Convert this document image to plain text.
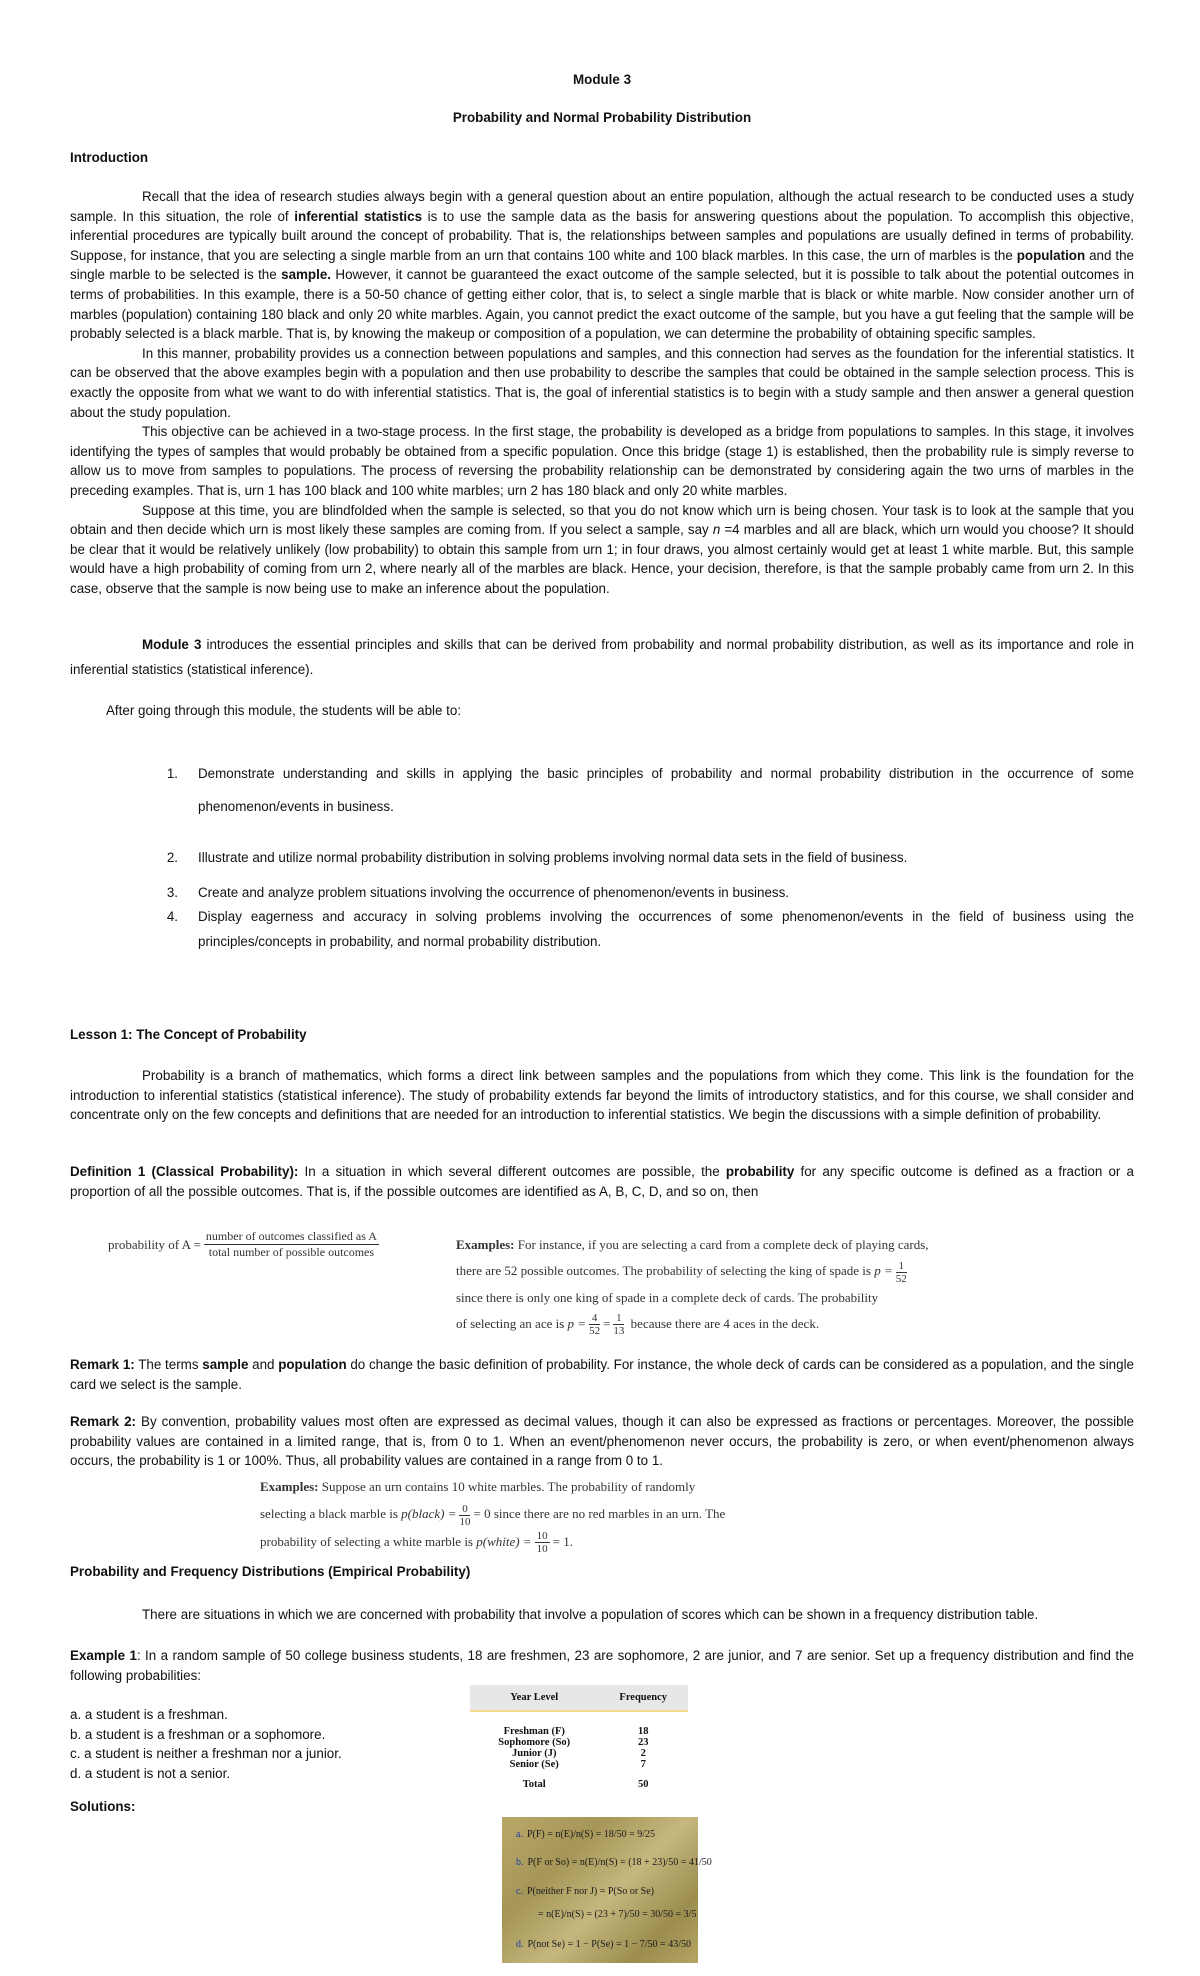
Module 3
Probability and Normal Probability Distribution
Introduction

Recall that the idea of research studies always begin with a general question about an entire population, although the actual research to be conducted uses a study sample. In this situation, the role of inferential statistics is to use the sample data as the basis for answering questions about the population. To accomplish this objective, inferential procedures are typically built around the concept of probability. That is, the relationships between samples and populations are usually defined in terms of probability. Suppose, for instance, that you are selecting a single marble from an urn that contains 100 white and 100 black marbles. In this case, the urn of marbles is the population and the single marble to be selected is the sample. However, it cannot be guaranteed the exact outcome of the sample selected, but it is possible to talk about the potential outcomes in terms of probabilities. In this example, there is a 50-50 chance of getting either color, that is, to select a single marble that is black or white marble. Now consider another urn of marbles (population) containing 180 black and only 20 white marbles. Again, you cannot predict the exact outcome of the sample, but you have a gut feeling that the sample will be probably selected is a black marble. That is, by knowing the makeup or composition of a population, we can determine the probability of obtaining specific samples.

In this manner, probability provides us a connection between populations and samples, and this connection had serves as the foundation for the inferential statistics. It can be observed that the above examples begin with a population and then use probability to describe the samples that could be obtained in the sample selection process. This is exactly the opposite from what we want to do with inferential statistics. That is, the goal of inferential statistics is to begin with a study sample and then answer a general question about the study population.

This objective can be achieved in a two-stage process. In the first stage, the probability is developed as a bridge from populations to samples. In this stage, it involves identifying the types of samples that would probably be obtained from a specific population. Once this bridge (stage 1) is established, then the probability rule is simply reverse to allow us to move from samples to populations. The process of reversing the probability relationship can be demonstrated by considering again the two urns of marbles in the preceding examples. That is, urn 1 has 100 black and 100 white marbles; urn 2 has 180 black and only 20 white marbles.

Suppose at this time, you are blindfolded when the sample is selected, so that you do not know which urn is being chosen. Your task is to look at the sample that you obtain and then decide which urn is most likely these samples are coming from. If you select a sample, say n =4 marbles and all are black, which urn would you choose? It should be clear that it would be relatively unlikely (low probability) to obtain this sample from urn 1; in four draws, you almost certainly would get at least 1 white marble. But, this sample would have a high probability of coming from urn 2, where nearly all of the marbles are black. Hence, your decision, therefore, is that the sample probably came from urn 2. In this case, observe that the sample is now being use to make an inference about the population.

Module 3 introduces the essential principles and skills that can be derived from probability and normal probability distribution, as well as its importance and role in inferential statistics (statistical inference).

After going through this module, the students will be able to:
1.	Demonstrate understanding and skills in applying the basic principles of probability and normal probability distribution in the occurrence of some phenomenon/events in business.
2.	Illustrate and utilize normal probability distribution in solving problems involving normal data sets in the field of business.
3.	Create and analyze problem situations involving the occurrence of phenomenon/events in business.
4.	Display eagerness and accuracy in solving problems involving the occurrences of some phenomenon/events in the field of business using the principles/concepts in probability, and normal probability distribution.
Lesson 1: The Concept of Probability

Probability is a branch of mathematics, which forms a direct link between samples and the populations from which they come. This link is the foundation for the introduction to inferential statistics (statistical inference). The study of probability extends far beyond the limits of introductory statistics, and for this course, we shall consider and concentrate only on the few concepts and definitions that are needed for an introduction to inferential statistics. We begin the discussions with a simple definition of probability.

Definition 1 (Classical Probability): In a situation in which several different outcomes are possible, the probability for any specific outcome is defined as a fraction or a proportion of all the possible outcomes. That is, if the possible outcomes are identified as A, B, C, D, and so on, then

probability of $A = \frac{\text{number of outcomes classified as A}}{\text{total number of possible outcomes}}$	Examples: For instance, if you are selecting a card from a complete deck of playing cards,
there are 52 possible outcomes. The probability of selecting the king of spade is $p = \frac{1}{52}$
since there is only one king of spade in a complete deck of cards. The probability
of selecting an ace is $p = \frac{4}{52} = \frac{1}{13}$ because there are 4 aces in the deck.

Remark 1: The terms sample and population do change the basic definition of probability. For instance, the whole deck of cards can be considered as a population, and the single card we select is the sample.

Remark 2: By convention, probability values most often are expressed as decimal values, though it can also be expressed as fractions or percentages. Moreover, the possible probability values are contained in a limited range, that is, from 0 to 1. When an event/phenomenon never occurs, the probability is zero, or when event/phenomenon always occurs, the probability is 1 or 100%. Thus, all probability values are contained in a range from 0 to 1.

Examples: Suppose an urn contains 10 white marbles. The probability of randomly
selecting a black marble is p(black) = $\frac{0}{10} = 0$ since there are no red marbles in an urn. The
probability of selecting a white marble is p(white) = $\frac{10}{10} = 1$.
Probability and Frequency Distributions (Empirical Probability)

There are situations in which we are concerned with probability that involve a population of scores which can be shown in a frequency distribution table.

Example 1: In a random sample of 50 college business students, 18 are freshmen, 23 are sophomore, 2 are junior, and 7 are senior. Set up a frequency distribution and find the following probabilities:

a. a student is a freshman.
b. a student is a freshman or a sophomore.
c. a student is neither a freshman nor a junior.
d. a student is not a senior.
Solutions:
Year Level	Frequency

Freshman (F)	18
Sophomore (So)	23
Junior (J)	2
Senior (Se)	7
Total	50
a. P(F) = n(E)/n(S) = 18/50 = 9/25
b. P(F or So) = n(E)/n(S) = (18 + 23)/50 = 41/50
c. P(neither F nor J) = P(So or Se)
= n(E)/n(S) = (23 + 7)/50 = 30/50 = 3/5
d. P(not Se) = 1 − P(Se) = 1 − 7/50 = 43/50
